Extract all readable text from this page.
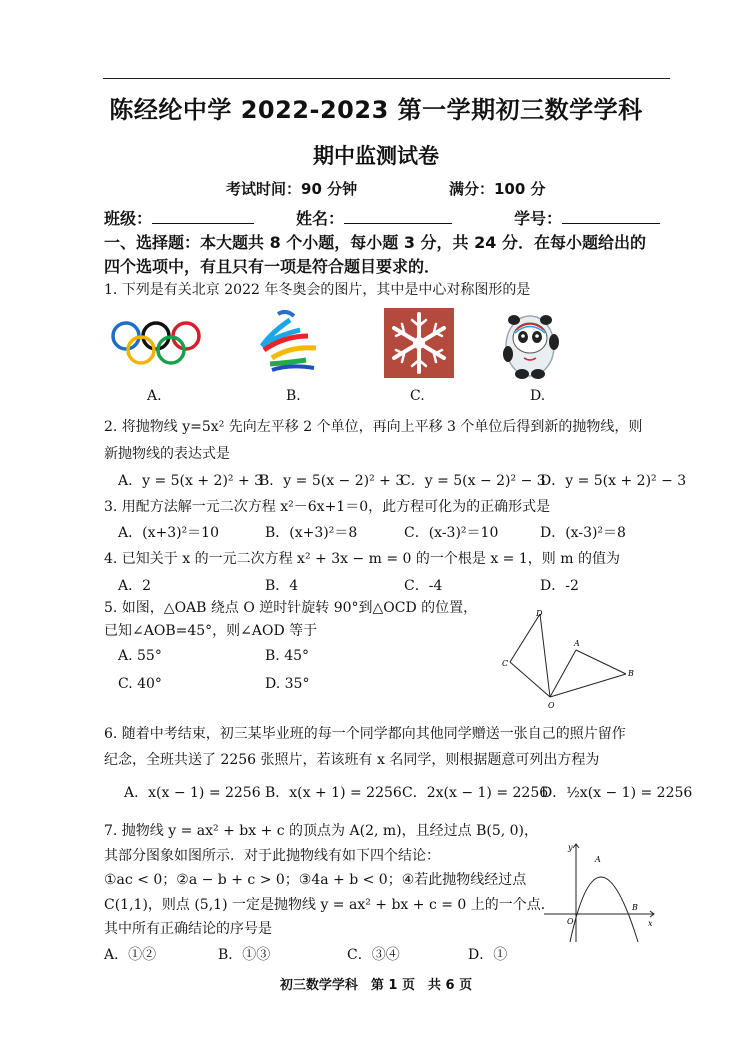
陈经纶中学 2022-2023 第一学期初三数学学科
期中监测试卷
考试时间：90 分钟	满分：100 分
班级：	姓名：	学号：
一、选择题：本大题共 8 个小题，每小题 3 分，共 24 分．在每小题给出的
四个选项中，有且只有一项是符合题目要求的．
1. 下列是有关北京 2022 年冬奥会的图片，其中是中心对称图形的是
A.	B.	C.	D.
2. 将抛物线 y=5x² 先向左平移 2 个单位，再向上平移 3 个单位后得到新的抛物线，则
新抛物线的表达式是
A．y = 5(x + 2)² + 3
B．y = 5(x − 2)² + 3
C．y = 5(x − 2)² − 3
D．y = 5(x + 2)² − 3
3. 用配方法解一元二次方程 x²－6x+1＝0，此方程可化为的正确形式是
A．(x+3)²＝10	B．(x+3)²＝8	C．(x-3)²＝10	D．(x-3)²＝8
4. 已知关于 x 的一元二次方程 x² + 3x − m = 0 的一个根是 x = 1，则 m 的值为
A．2	B．4	C．-4	D．-2
5. 如图，△OAB 绕点 O 逆时针旋转 90°到△OCD 的位置，
已知∠AOB=45°，则∠AOD 等于
A. 55°	B. 45°
C. 40°	D. 35°
D
A
C
B
O
6. 随着中考结束，初三某毕业班的每一个同学都向其他同学赠送一张自己的照片留作
纪念，全班共送了 2256 张照片，若该班有 x 名同学，则根据题意可列出方程为
A．x(x − 1) = 2256 B．x(x + 1) = 2256 C．2x(x − 1) = 2256
D．½x(x − 1) = 2256
7. 抛物线 y = ax² + bx + c 的顶点为 A(2, m)，且经过点 B(5, 0)，
其部分图象如图所示．对于此抛物线有如下四个结论：
①ac < 0；②a − b + c > 0；③4a + b < 0；④若此抛物线经过点
C(1,1)，则点 (5,1) 一定是抛物线 y = ax² + bx + c = 0 上的一个点．
其中所有正确结论的序号是
A．①②	B．①③	C．③④	D．①
y
A
O
B
x
初三数学学科　第 1 页　共 6 页
